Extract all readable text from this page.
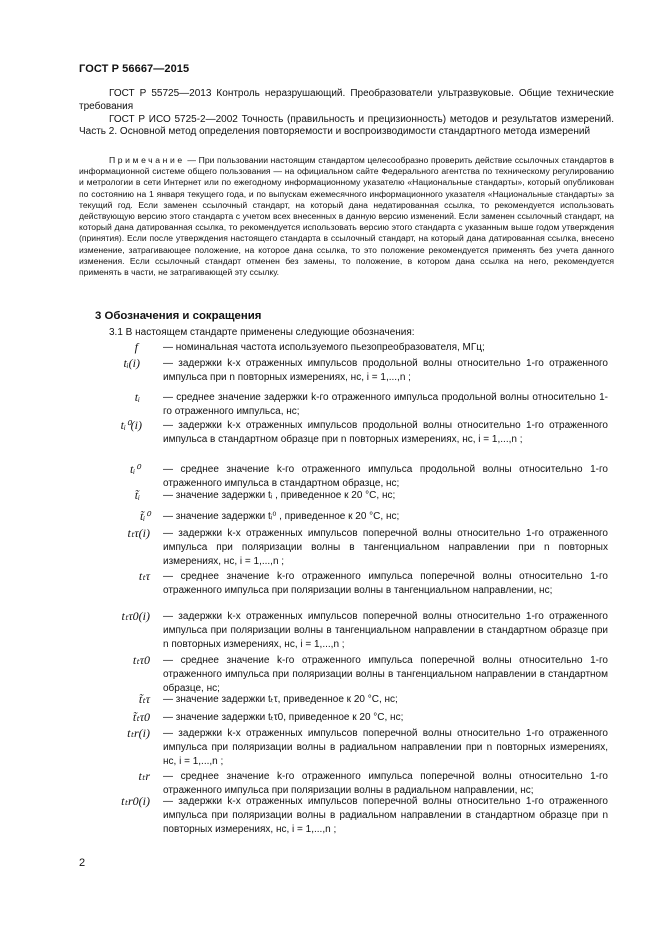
ГОСТ Р 56667—2015

ГОСТ Р 55725—2013 Контроль неразрушающий. Преобразователи ультразвуковые. Общие технические требования

ГОСТ Р ИСО 5725-2—2002 Точность (правильность и прецизионность) методов и результатов измерений. Часть 2. Основной метод определения повторяемости и воспроизводимости стандартного метода измерений

Примечание — При пользовании настоящим стандартом целесообразно проверить действие ссылочных стандартов в информационной системе общего пользования — на официальном сайте Федерального агентства по техническому регулированию и метрологии в сети Интернет или по ежегодному информационному указателю «Национальные стандарты», который опубликован по состоянию на 1 января текущего года, и по выпускам ежемесячного информационного указателя «Национальные стандарты» за текущий год. Если заменен ссылочный стандарт, на который дана недатированная ссылка, то рекомендуется использовать действующую версию этого стандарта с учетом всех внесенных в данную версию изменений. Если заменен ссылочный стандарт, на который дана датированная ссылка, то рекомендуется использовать версию этого стандарта с указанным выше годом утверждения (принятия). Если после утверждения настоящего стандарта в ссылочный стандарт, на который дана датированная ссылка, внесено изменение, затрагивающее положение, на которое дана ссылка, то это положение рекомендуется применять без учета данного изменения. Если ссылочный стандарт отменен без замены, то положение, в котором дана ссылка на него, рекомендуется применять в части, не затрагивающей эту ссылку.

3 Обозначения и сокращения
3.1 В настоящем стандарте применены следующие обозначения:
f	— номинальная частота используемого пьезопреобразователя, МГц;
tᵢ(i) — задержки k-х отраженных импульсов продольной волны относительно 1-го отраженного импульса при n повторных измерениях, нс, i = 1,...,n ;
tᵢ — среднее значение задержки k-го отраженного импульса продольной волны относительно 1-го отраженного импульса, нс;
tᵢ⁰(i) — задержки k-х отраженных импульсов продольной волны относительно 1-го отраженного импульса в стандартном образце при n повторных измерениях, нс, i = 1,...,n ;
tᵢ⁰ — среднее значение k-го отраженного импульса продольной волны относительно 1-го отраженного импульса в стандартном образце, нс;
t̃ᵢ — значение задержки tᵢ , приведенное к 20 °С, нс;
t̃ᵢ⁰ — значение задержки tᵢ⁰ , приведенное к 20 °С, нс;
tₜτ(i) — задержки k-х отраженных импульсов поперечной волны относительно 1-го отраженного импульса при поляризации волны в тангенциальном направлении при n повторных измерениях, нс, i = 1,...,n ;
tₜτ — среднее значение k-го отраженного импульса поперечной волны относительно 1-го отраженного импульса при поляризации волны в тангенциальном направлении, нс;
tₜτ0(i) — задержки k-х отраженных импульсов поперечной волны относительно 1-го отраженного импульса при поляризации волны в тангенциальном направлении в стандартном образце при n повторных измерениях, нс, i = 1,...,n ;
tₜτ0 — среднее значение k-го отраженного импульса поперечной волны относительно 1-го отраженного импульса при поляризации волны в тангенциальном направлении в стандартном образце, нс;
t̃ₜτ — значение задержки tₜτ, приведенное к 20 °С, нс;
t̃ₜτ0 — значение задержки tₜτ0, приведенное к 20 °С, нс;
tₜr(i) — задержки k-х отраженных импульсов поперечной волны относительно 1-го отраженного импульса при поляризации волны в радиальном направлении при n повторных измерениях, нс, i = 1,...,n ;
tₜr — среднее значение k-го отраженного импульса поперечной волны относительно 1-го отраженного импульса при поляризации волны в радиальном направлении, нс;
tₜr0(i) — задержки k-х отраженных импульсов поперечной волны относительно 1-го отраженного импульса при поляризации волны в радиальном направлении в стандартном образце при n повторных измерениях, нс, i = 1,...,n ;
2
